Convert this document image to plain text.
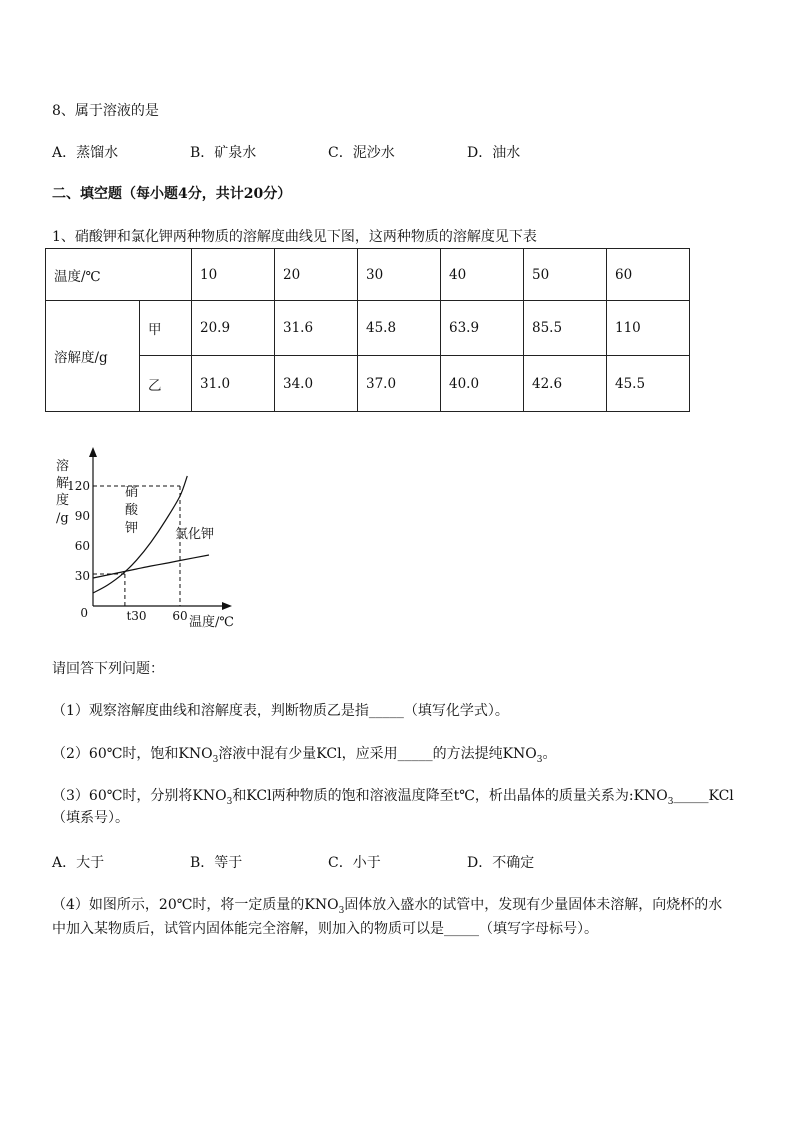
8、属于溶液的是
A．蒸馏水	B．矿泉水	C．泥沙水	D．油水
二、填空题（每小题4分，共计20分）
1、硝酸钾和氯化钾两种物质的溶解度曲线见下图，这两种物质的溶解度见下表
温度/℃		10	20	30	40	50	60
溶解度/g	甲	20.9	31.6	45.8	63.9	85.5	110
	乙	31.0	34.0	37.0	40.0	42.6	45.5
溶
解
度
/g
120
90
60
30
t30 60
0
温度/℃
硝
酸
钾	氯化钾
请回答下列问题：
（1）观察溶解度曲线和溶解度表，判断物质乙是指_____（填写化学式）。
（2）60℃时，饱和$KNO_3$溶液中混有少量KCl，应采用_____的方法提纯$KNO_3$。
（3）60℃时，分别将$KNO_3$和KCl两种物质的饱和溶液温度降至t℃，析出晶体的质量关系为$:KNO_3\_\_\_\_\_KCl$
（填系号）。
A．大于	B．等于	C．小于	D．不确定
（4）如图所示，20℃时，将一定质量的$KNO_3$固体放入盛水的试管中，发现有少量固体未溶解，向烧杯的水
中加入某物质后，试管内固体能完全溶解，则加入的物质可以是_____（填写字母标号）。
